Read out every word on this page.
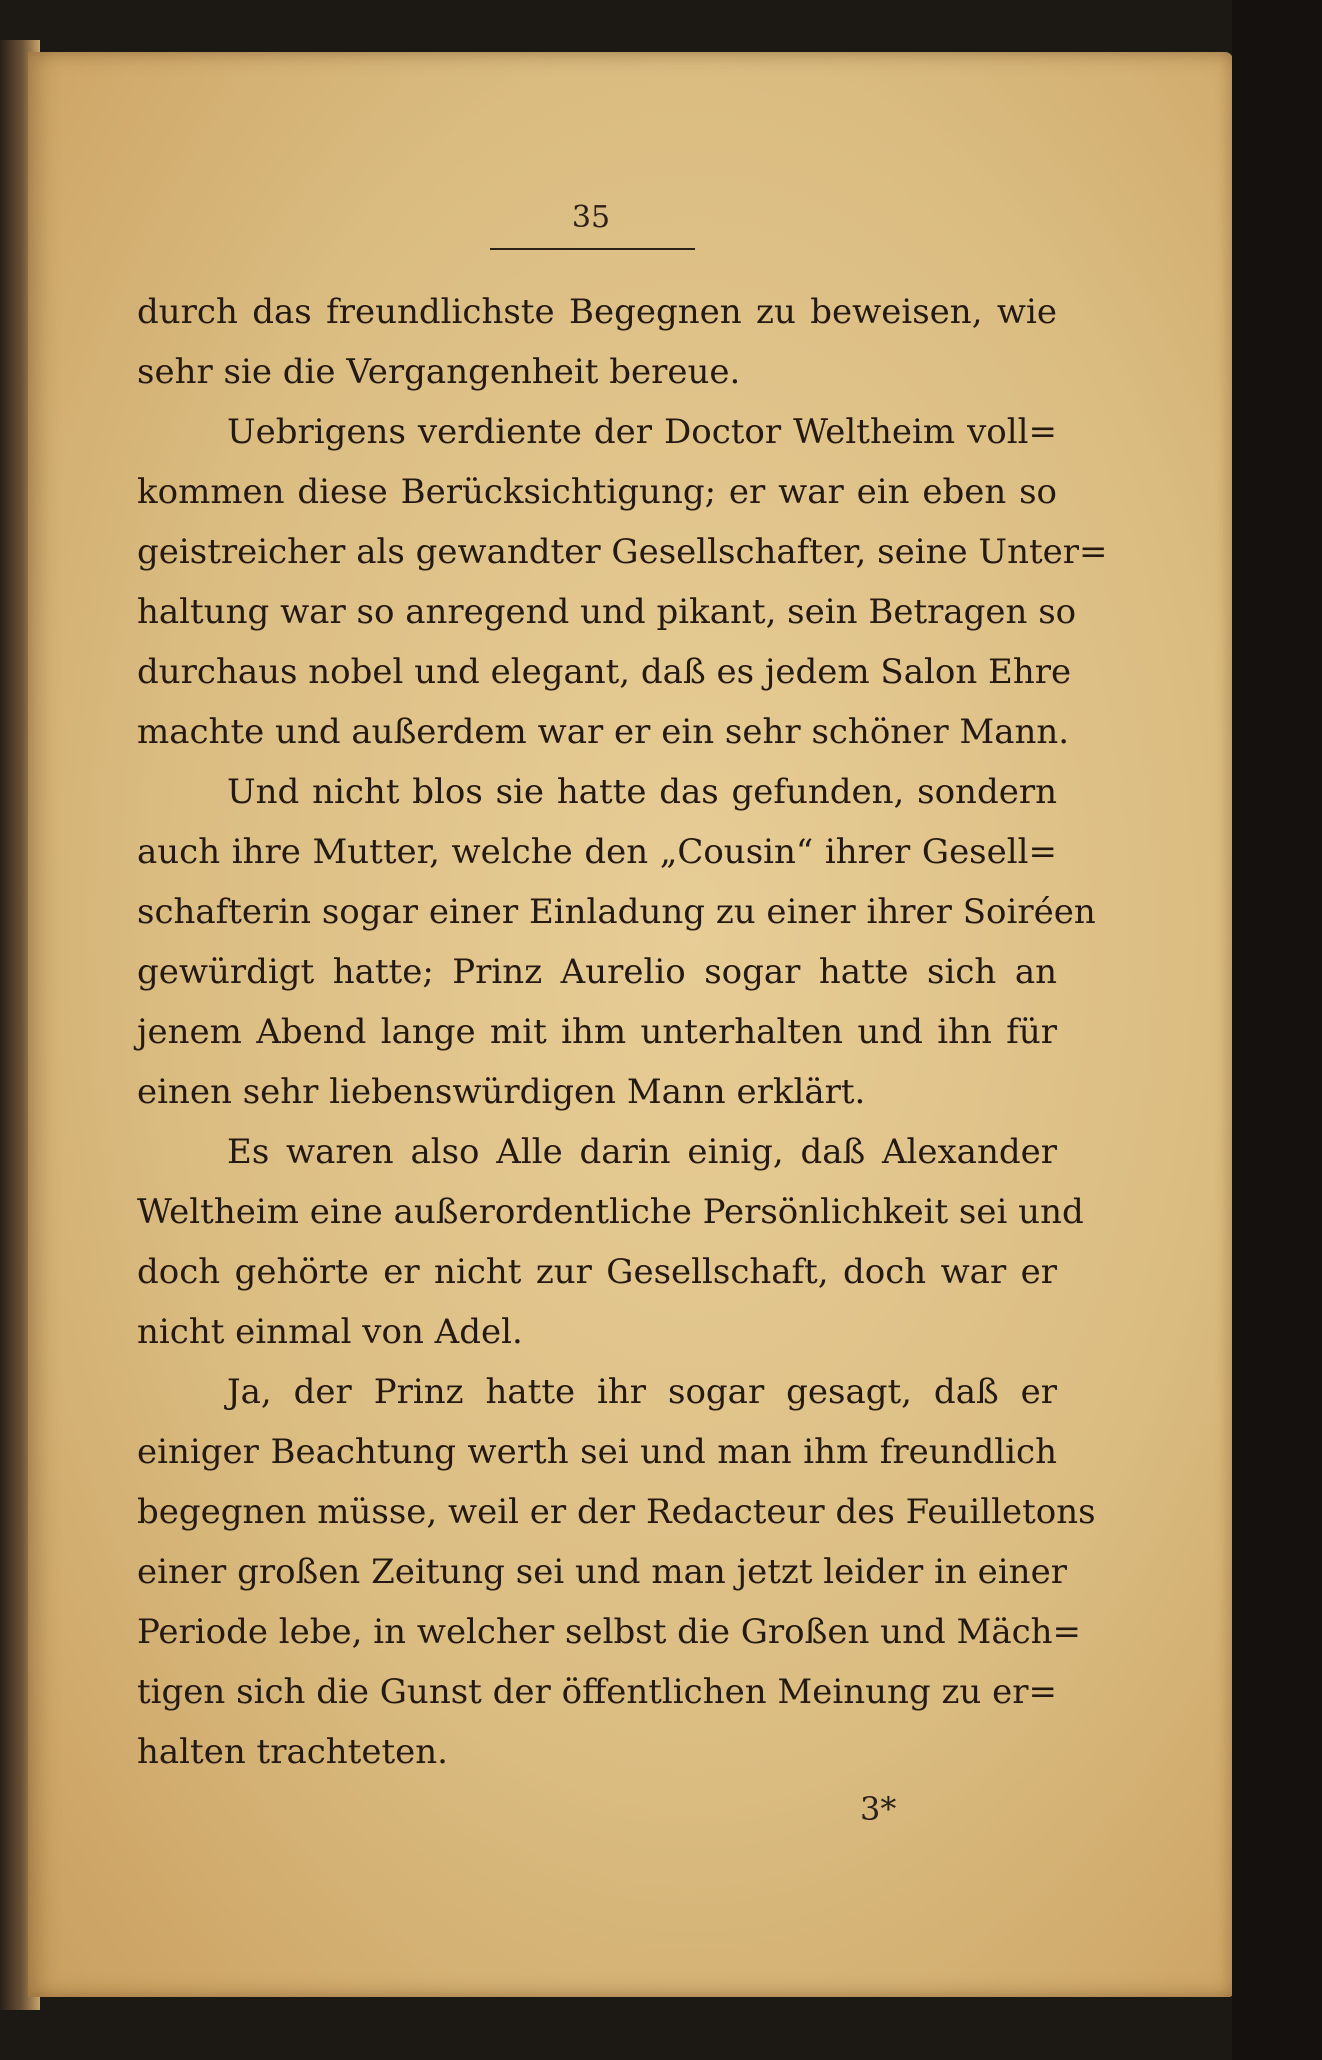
35
durch das freundlichste Begegnen zu beweisen, wie
sehr sie die Vergangenheit bereue.
Uebrigens verdiente der Doctor Weltheim voll=
kommen diese Berücksichtigung; er war ein eben so
geistreicher als gewandter Gesellschafter, seine Unter=
haltung war so anregend und pikant, sein Betragen so
durchaus nobel und elegant, daß es jedem Salon Ehre
machte und außerdem war er ein sehr schöner Mann.
Und nicht blos sie hatte das gefunden, sondern
auch ihre Mutter, welche den „Cousin“ ihrer Gesell=
schafterin sogar einer Einladung zu einer ihrer Soiréen
gewürdigt hatte; Prinz Aurelio sogar hatte sich an
jenem Abend lange mit ihm unterhalten und ihn für
einen sehr liebenswürdigen Mann erklärt.
Es waren also Alle darin einig, daß Alexander
Weltheim eine außerordentliche Persönlichkeit sei und
doch gehörte er nicht zur Gesellschaft, doch war er
nicht einmal von Adel.
Ja, der Prinz hatte ihr sogar gesagt, daß er
einiger Beachtung werth sei und man ihm freundlich
begegnen müsse, weil er der Redacteur des Feuilletons
einer großen Zeitung sei und man jetzt leider in einer
Periode lebe, in welcher selbst die Großen und Mäch=
tigen sich die Gunst der öffentlichen Meinung zu er=
halten trachteten.
3*
